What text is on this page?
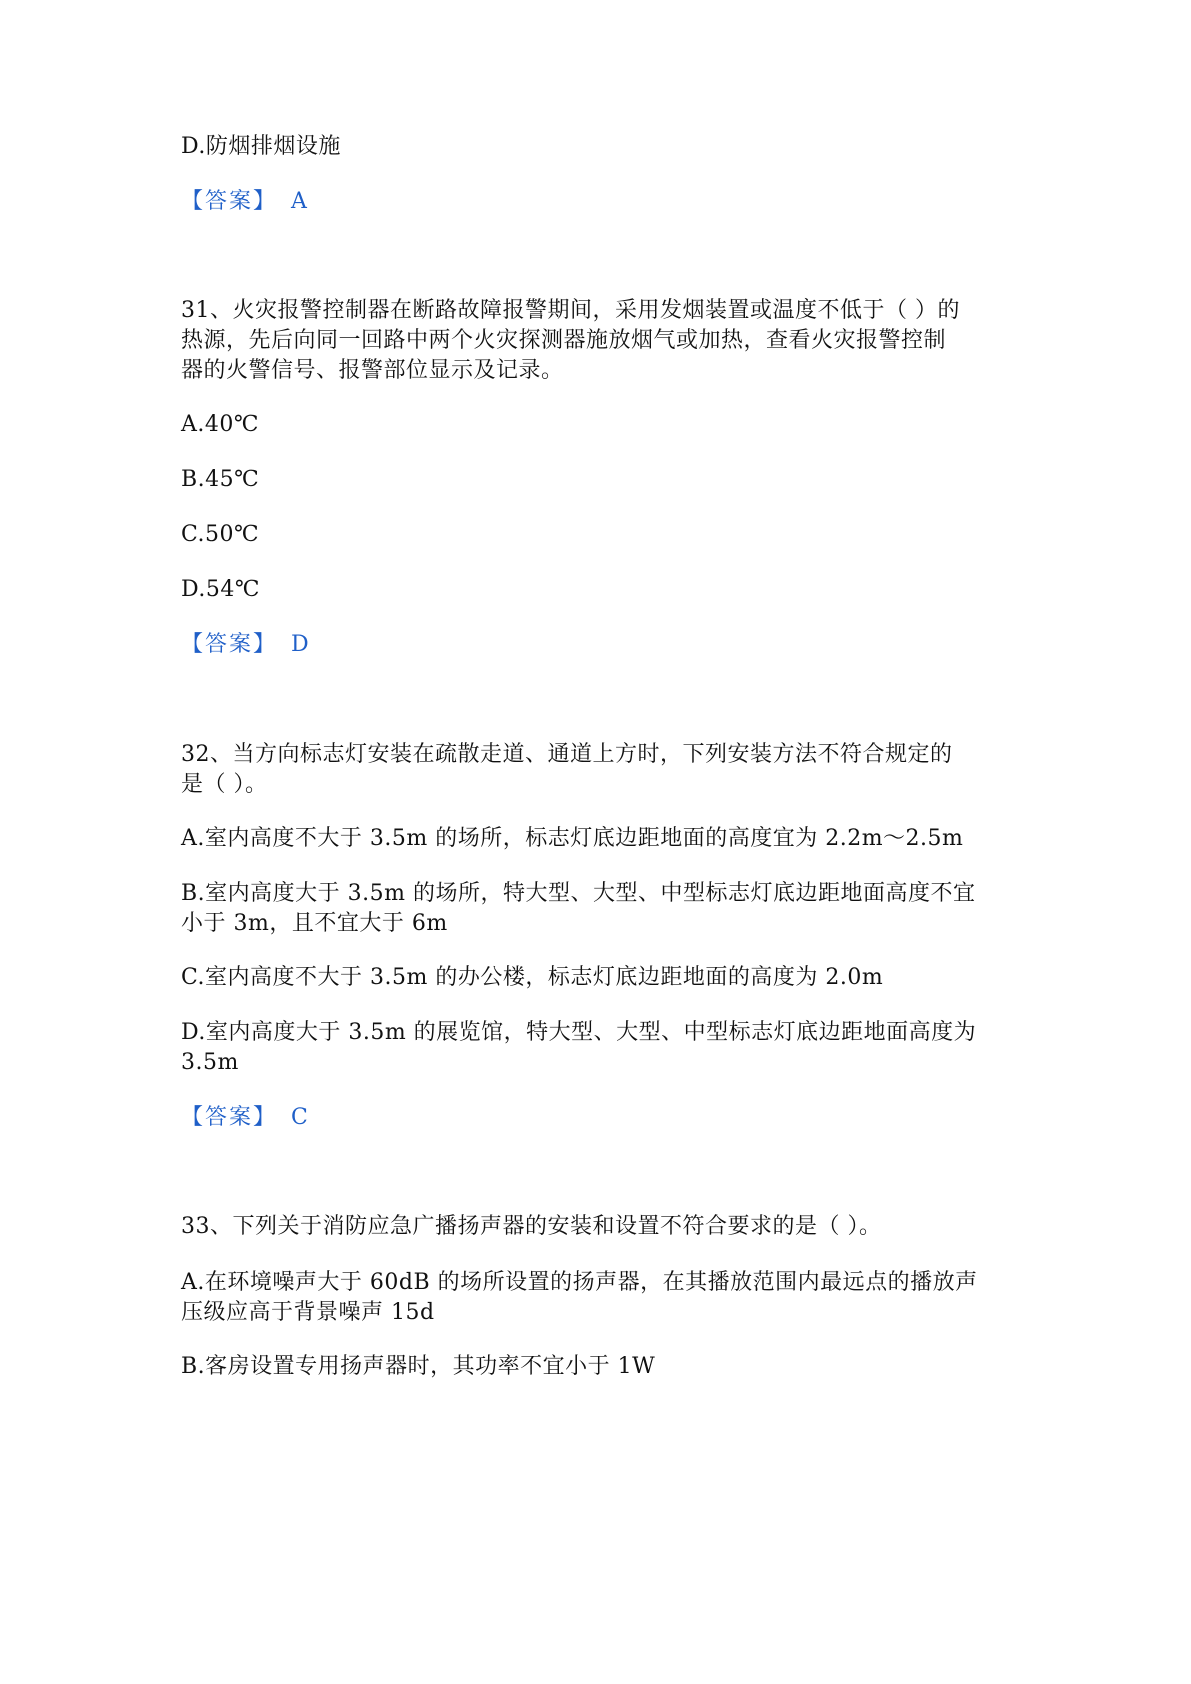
D.防烟排烟设施
【答案】 A
31、火灾报警控制器在断路故障报警期间，采用发烟装置或温度不低于（ ）的
热源，先后向同一回路中两个火灾探测器施放烟气或加热，查看火灾报警控制
器的火警信号、报警部位显示及记录。
A.40℃
B.45℃
C.50℃
D.54℃
【答案】 D
32、当方向标志灯安装在疏散走道、通道上方时，下列安装方法不符合规定的
是（ ）。
A.室内高度不大于 3.5m 的场所，标志灯底边距地面的高度宜为 2.2m～2.5m
B.室内高度大于 3.5m 的场所，特大型、大型、中型标志灯底边距地面高度不宜
小于 3m，且不宜大于 6m
C.室内高度不大于 3.5m 的办公楼，标志灯底边距地面的高度为 2.0m
D.室内高度大于 3.5m 的展览馆，特大型、大型、中型标志灯底边距地面高度为
3.5m
【答案】 C
33、下列关于消防应急广播扬声器的安装和设置不符合要求的是（ ）。
A.在环境噪声大于 60dB 的场所设置的扬声器，在其播放范围内最远点的播放声
压级应高于背景噪声 15d
B.客房设置专用扬声器时，其功率不宜小于 1W
